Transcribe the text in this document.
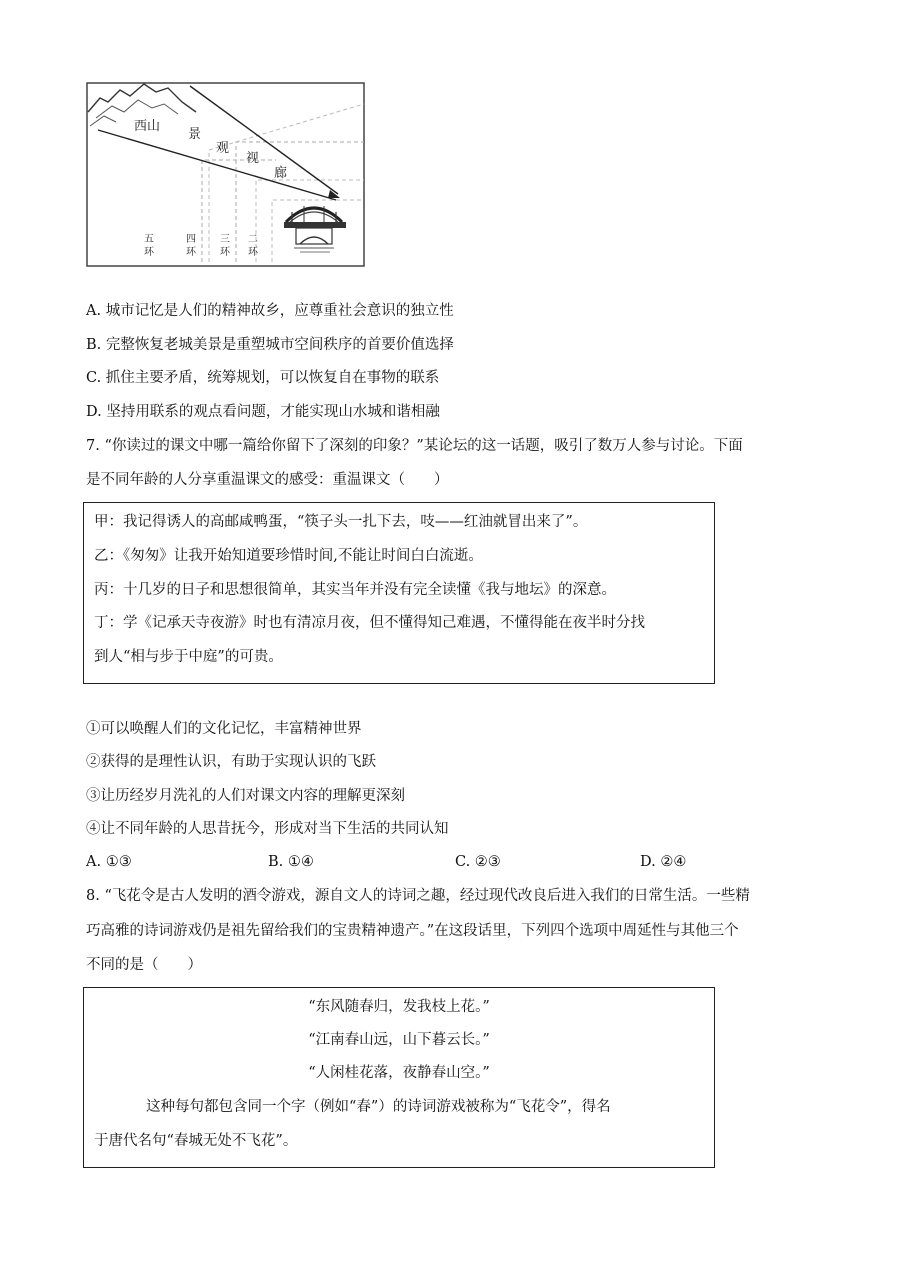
西山
景
观
视
廊
五环
四环
三环
二环
A. 城市记忆是人们的精神故乡，应尊重社会意识的独立性
B. 完整恢复老城美景是重塑城市空间秩序的首要价值选择
C. 抓住主要矛盾，统筹规划，可以恢复自在事物的联系
D. 坚持用联系的观点看问题，才能实现山水城和谐相融
7. “你读过的课文中哪一篇给你留下了深刻的印象？”某论坛的这一话题，吸引了数万人参与讨论。下面
是不同年龄的人分享重温课文的感受：重温课文（　　）
甲：我记得诱人的高邮咸鸭蛋，“筷子头一扎下去，吱——红油就冒出来了”。
乙：《匆匆》让我开始知道要珍惜时间,不能让时间白白流逝。
丙：十几岁的日子和思想很简单，其实当年并没有完全读懂《我与地坛》的深意。
丁：学《记承天寺夜游》时也有清凉月夜，但不懂得知己难遇，不懂得能在夜半时分找
到人“相与步于中庭”的可贵。
①可以唤醒人们的文化记忆，丰富精神世界
②获得的是理性认识，有助于实现认识的飞跃
③让历经岁月洗礼的人们对课文内容的理解更深刻
④让不同年龄的人思昔抚今，形成对当下生活的共同认知
A. ①③	B. ①④	C. ②③	D. ②④
8. “飞花令是古人发明的酒令游戏，源自文人的诗词之趣，经过现代改良后进入我们的日常生活。一些精
巧高雅的诗词游戏仍是祖先留给我们的宝贵精神遗产。”在这段话里，下列四个选项中周延性与其他三个
不同的是（　　）
“东风随春归，发我枝上花。”
“江南春山远，山下暮云长。”
“人闲桂花落，夜静春山空。”
这种每句都包含同一个字（例如“春”）的诗词游戏被称为“飞花令”，得名
于唐代名句“春城无处不飞花”。
